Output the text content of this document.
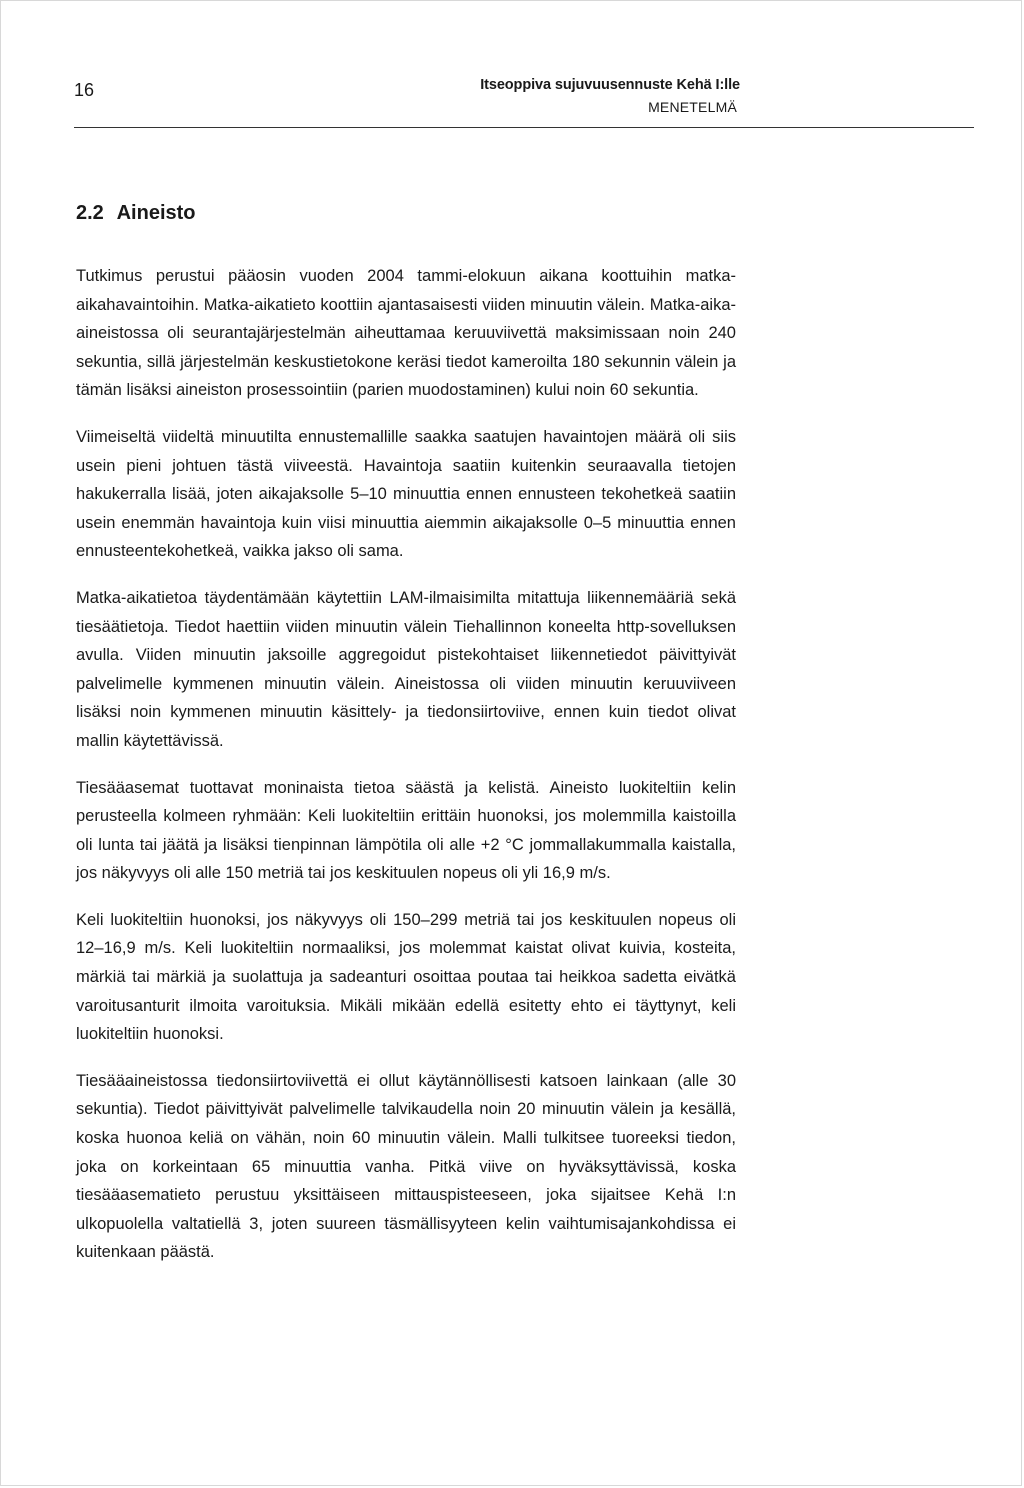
16	Itseoppiva sujuvuusennuste Kehä I:lle
MENETELMÄ
2.2 Aineisto

Tutkimus perustui pääosin vuoden 2004 tammi-elokuun aikana koottuihin matka-aikahavaintoihin. Matka-aikatieto koottiin ajantasaisesti viiden minuutin välein. Matka-aika-aineistossa oli seurantajärjestelmän aiheuttamaa keruuviivettä maksimissaan noin 240 sekuntia, sillä järjestelmän keskustietokone keräsi tiedot kameroilta 180 sekunnin välein ja tämän lisäksi aineiston prosessointiin (parien muodostaminen) kului noin 60 sekuntia.

Viimeiseltä viideltä minuutilta ennustemallille saakka saatujen havaintojen määrä oli siis usein pieni johtuen tästä viiveestä. Havaintoja saatiin kuitenkin seuraavalla tietojen hakukerralla lisää, joten aikajaksolle 5–10 minuuttia ennen ennusteen tekohetkeä saatiin usein enemmän havaintoja kuin viisi minuuttia aiemmin aikajaksolle 0–5 minuuttia ennen ennusteentekohetkeä, vaikka jakso oli sama.

Matka-aikatietoa täydentämään käytettiin LAM-ilmaisimilta mitattuja liikennemääriä sekä tiesäätietoja. Tiedot haettiin viiden minuutin välein Tiehallinnon koneelta http-sovelluksen avulla. Viiden minuutin jaksoille aggregoidut pistekohtaiset liikennetiedot päivittyivät palvelimelle kymmenen minuutin välein. Aineistossa oli viiden minuutin keruuviiveen lisäksi noin kymmenen minuutin käsittely- ja tiedonsiirtoviive, ennen kuin tiedot olivat mallin käytettävissä.

Tiesääasemat tuottavat moninaista tietoa säästä ja kelistä. Aineisto luokiteltiin kelin perusteella kolmeen ryhmään: Keli luokiteltiin erittäin huonoksi, jos molemmilla kaistoilla oli lunta tai jäätä ja lisäksi tienpinnan lämpötila oli alle +2 °C jommallakummalla kaistalla, jos näkyvyys oli alle 150 metriä tai jos keskituulen nopeus oli yli 16,9 m/s.

Keli luokiteltiin huonoksi, jos näkyvyys oli 150–299 metriä tai jos keskituulen nopeus oli 12–16,9 m/s. Keli luokiteltiin normaaliksi, jos molemmat kaistat olivat kuivia, kosteita, märkiä tai märkiä ja suolattuja ja sadeanturi osoittaa poutaa tai heikkoa sadetta eivätkä varoitusanturit ilmoita varoituksia. Mikäli mikään edellä esitetty ehto ei täyttynyt, keli luokiteltiin huonoksi.

Tiesääaineistossa tiedonsiirtoviivettä ei ollut käytännöllisesti katsoen lainkaan (alle 30 sekuntia). Tiedot päivittyivät palvelimelle talvikaudella noin 20 minuutin välein ja kesällä, koska huonoa keliä on vähän, noin 60 minuutin välein. Malli tulkitsee tuoreeksi tiedon, joka on korkeintaan 65 minuuttia vanha. Pitkä viive on hyväksyttävissä, koska tiesääasematieto perustuu yksittäiseen mittauspisteeseen, joka sijaitsee Kehä I:n ulkopuolella valtatiellä 3, joten suureen täsmällisyyteen kelin vaihtumisajankohdissa ei kuitenkaan päästä.
